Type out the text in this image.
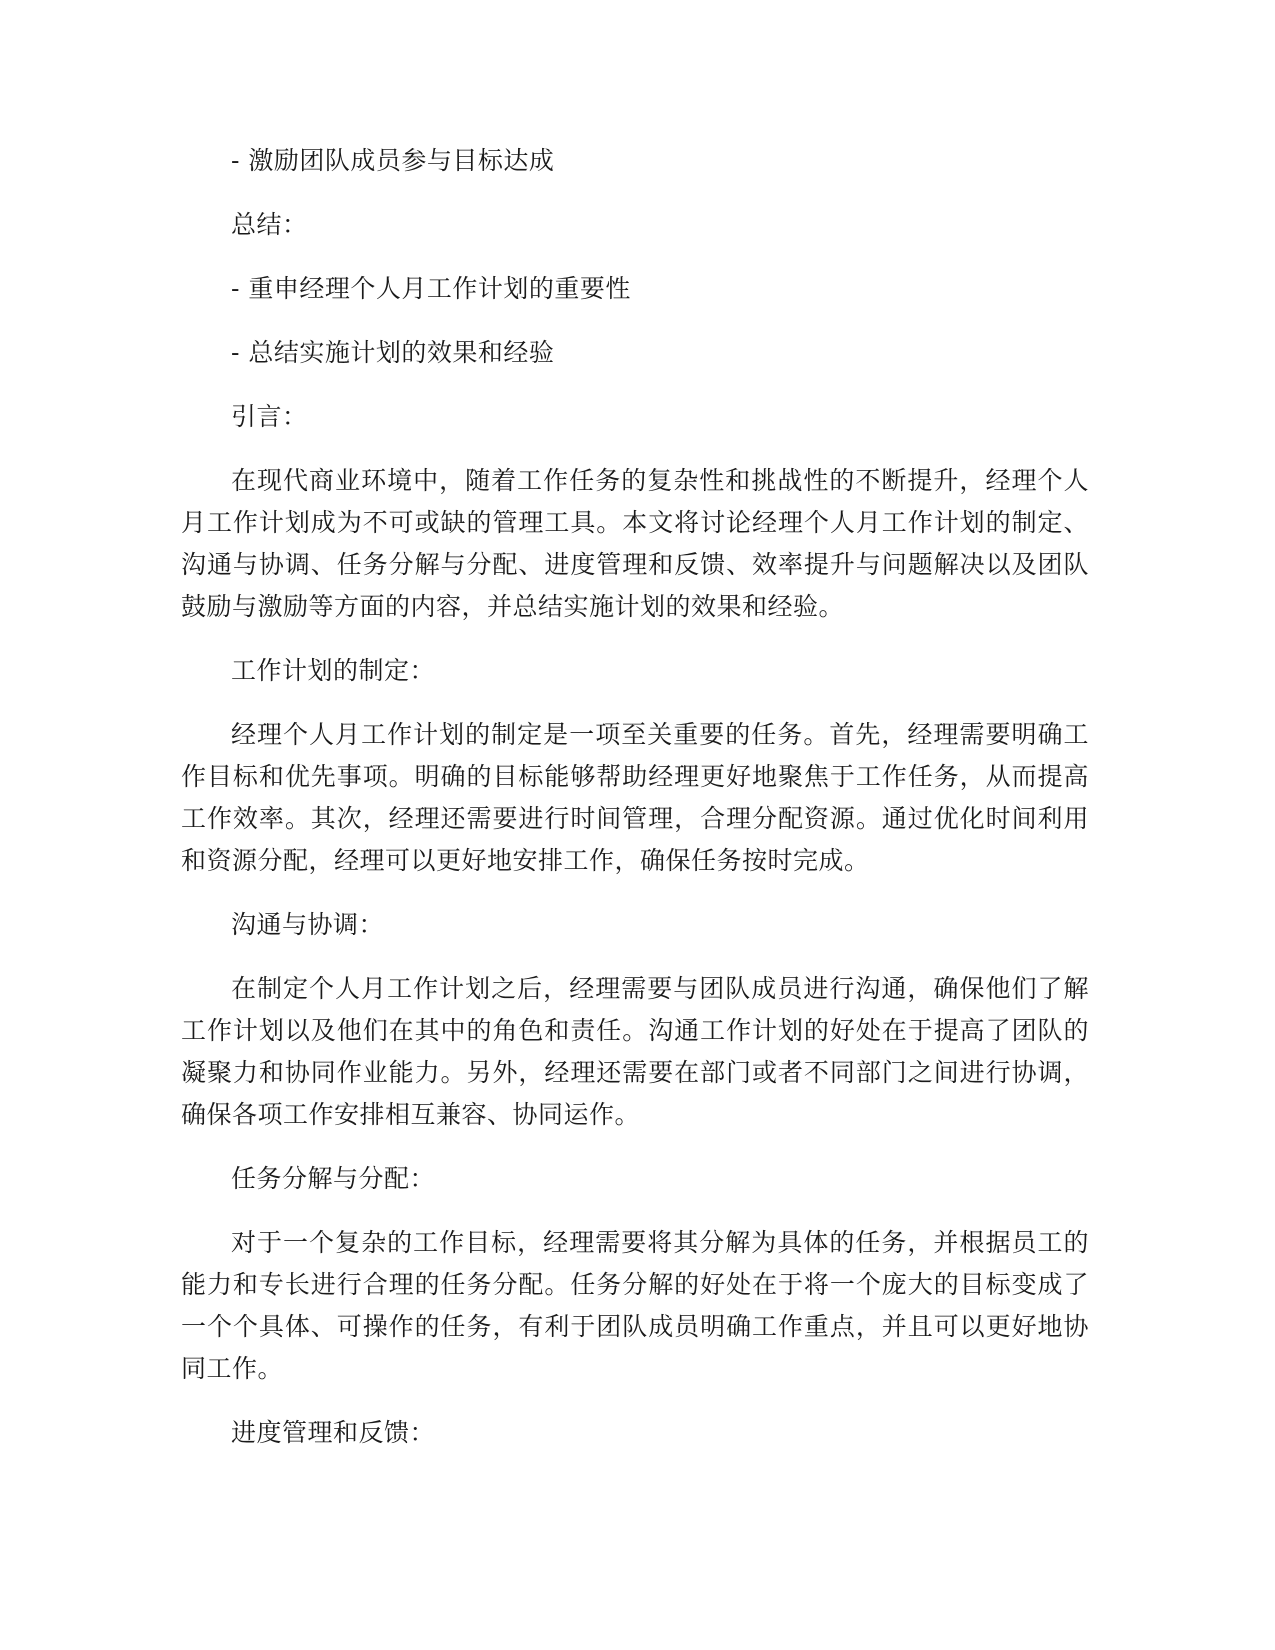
- 激励团队成员参与目标达成

总结：

- 重申经理个人月工作计划的重要性

- 总结实施计划的效果和经验

引言：

在现代商业环境中，随着工作任务的复杂性和挑战性的不断提升，经理个人月工作计划成为不可或缺的管理工具。本文将讨论经理个人月工作计划的制定、沟通与协调、任务分解与分配、进度管理和反馈、效率提升与问题解决以及团队鼓励与激励等方面的内容，并总结实施计划的效果和经验。

工作计划的制定：

经理个人月工作计划的制定是一项至关重要的任务。首先，经理需要明确工作目标和优先事项。明确的目标能够帮助经理更好地聚焦于工作任务，从而提高工作效率。其次，经理还需要进行时间管理，合理分配资源。通过优化时间利用和资源分配，经理可以更好地安排工作，确保任务按时完成。

沟通与协调：

在制定个人月工作计划之后，经理需要与团队成员进行沟通，确保他们了解工作计划以及他们在其中的角色和责任。沟通工作计划的好处在于提高了团队的凝聚力和协同作业能力。另外，经理还需要在部门或者不同部门之间进行协调，确保各项工作安排相互兼容、协同运作。

任务分解与分配：

对于一个复杂的工作目标，经理需要将其分解为具体的任务，并根据员工的能力和专长进行合理的任务分配。任务分解的好处在于将一个庞大的目标变成了一个个具体、可操作的任务，有利于团队成员明确工作重点，并且可以更好地协同工作。

进度管理和反馈：
